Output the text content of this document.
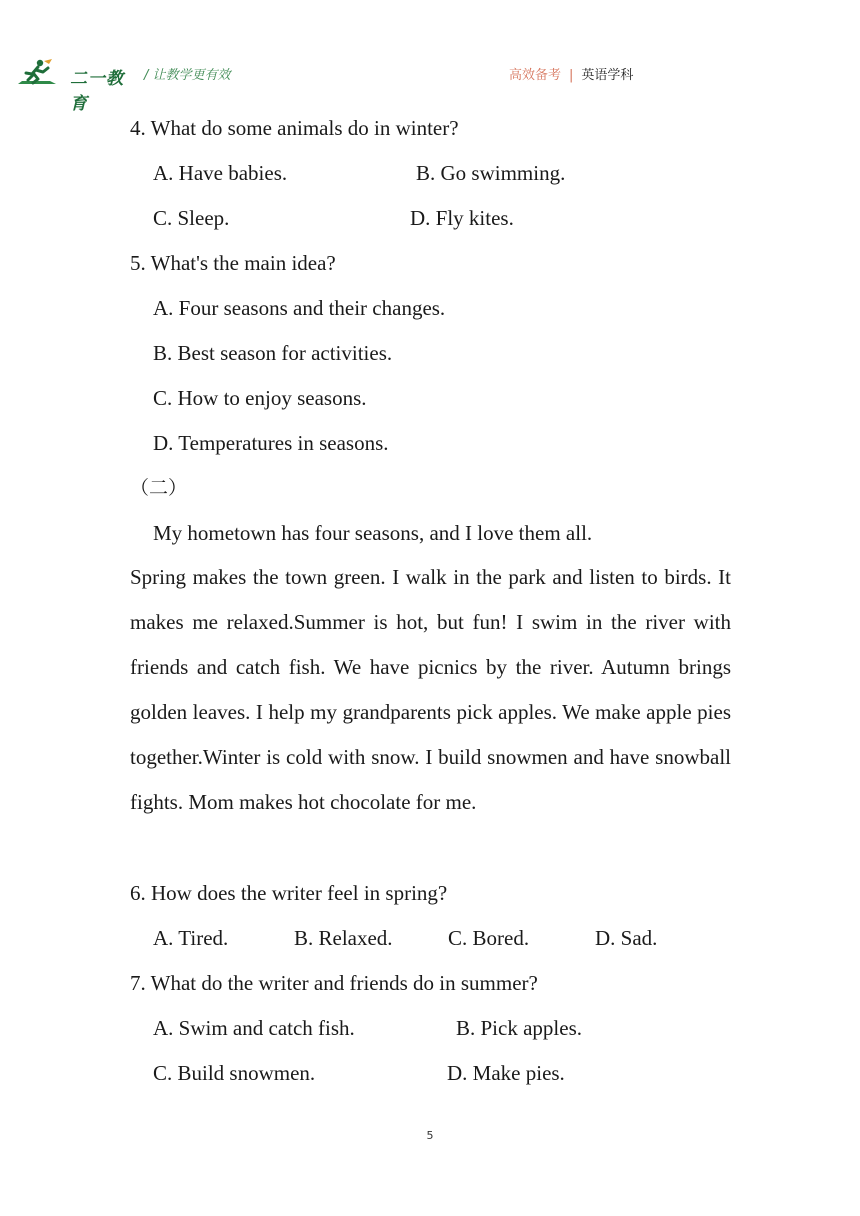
二一教育
/ 让教学更有效	高效备考 | 英语学科
4. What do some animals do in winter?
A. Have babies.	B. Go swimming.
C. Sleep.	D. Fly kites.
5. What's the main idea?
A. Four seasons and their changes.
B. Best season for activities.
C. How to enjoy seasons.
D. Temperatures in seasons.
（二）
My hometown has four seasons, and I love them all.
Spring makes the town green. I walk in the park and listen to birds. It makes me relaxed.Summer is hot, but fun! I swim in the river with friends and catch fish. We have picnics by the river. Autumn brings golden leaves. I help my grandparents pick apples. We make apple pies together.Winter is cold with snow. I build snowmen and have snowball fights. Mom makes hot chocolate for me.
6. How does the writer feel in spring?
A. Tired.	B. Relaxed.	C. Bored.	D. Sad.
7. What do the writer and friends do in summer?
A. Swim and catch fish.	B. Pick apples.
C. Build snowmen.	D. Make pies.
5
